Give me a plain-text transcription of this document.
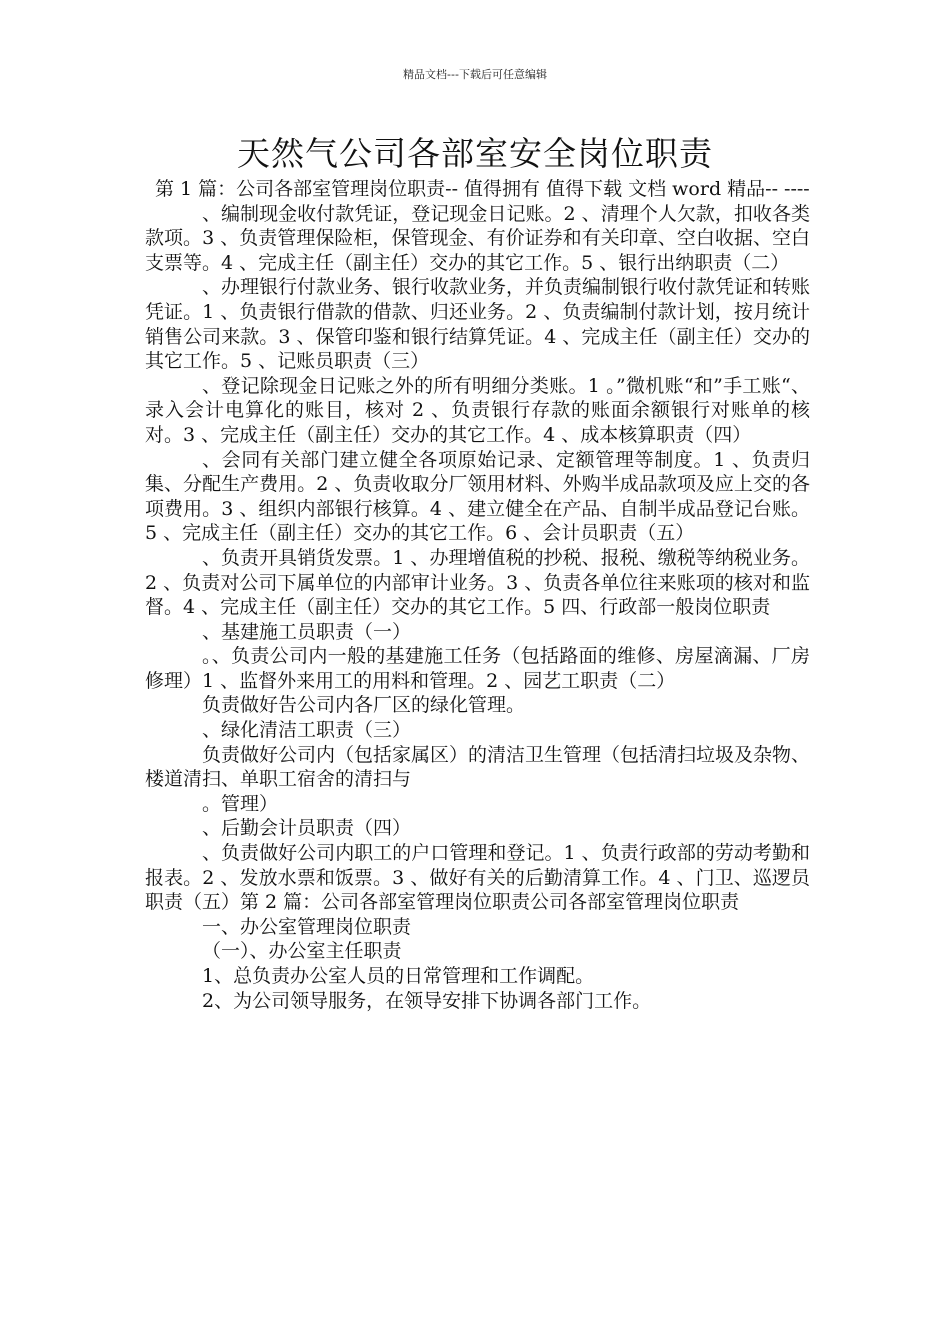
精品文档---下载后可任意编辑
天然气公司各部室安全岗位职责

第 1 篇：公司各部室管理岗位职责-- 值得拥有 值得下载 文档 word 精品-- ----

、编制现金收付款凭证，登记现金日记账。2 、清理个人欠款，扣收各类款项。3 、负责管理保险柜，保管现金、有价证券和有关印章、空白收据、空白支票等。4 、完成主任（副主任）交办的其它工作。5 、银行出纳职责（二）

、办理银行付款业务、银行收款业务，并负责编制银行收付款凭证和转账凭证。1 、负责银行借款的借款、归还业务。2 、负责编制付款计划，按月统计销售公司来款。3 、保管印鉴和银行结算凭证。4 、完成主任（副主任）交办的其它工作。5 、记账员职责（三）

、登记除现金日记账之外的所有明细分类账。1 。”微机账“和”手工账“、录入会计电算化的账目，核对 2 、负责银行存款的账面余额银行对账单的核对。3 、完成主任（副主任）交办的其它工作。4 、成本核算职责（四）

、会同有关部门建立健全各项原始记录、定额管理等制度。1 、负责归集、分配生产费用。2 、负责收取分厂领用材料、外购半成品款项及应上交的各项费用。3 、组织内部银行核算。4 、建立健全在产品、自制半成品登记台账。5 、完成主任（副主任）交办的其它工作。6 、会计员职责（五）

、负责开具销货发票。1 、办理增值税的抄税、报税、缴税等纳税业务。2 、负责对公司下属单位的内部审计业务。3 、负责各单位往来账项的核对和监督。4 、完成主任（副主任）交办的其它工作。5 四、行政部一般岗位职责

、基建施工员职责（一）

。、负责公司内一般的基建施工任务（包括路面的维修、房屋滴漏、厂房修理）1 、监督外来用工的用料和管理。2 、园艺工职责（二）

负责做好告公司内各厂区的绿化管理。

、绿化清洁工职责（三）

负责做好公司内（包括家属区）的清洁卫生管理（包括清扫垃圾及杂物、楼道清扫、单职工宿舍的清扫与

。管理）

、后勤会计员职责（四）

、负责做好公司内职工的户口管理和登记。1 、负责行政部的劳动考勤和报表。2 、发放水票和饭票。3 、做好有关的后勤清算工作。4 、门卫、巡逻员职责（五）第 2 篇：公司各部室管理岗位职责公司各部室管理岗位职责

一、办公室管理岗位职责

（一）、办公室主任职责

1、总负责办公室人员的日常管理和工作调配。

2、为公司领导服务，在领导安排下协调各部门工作。
